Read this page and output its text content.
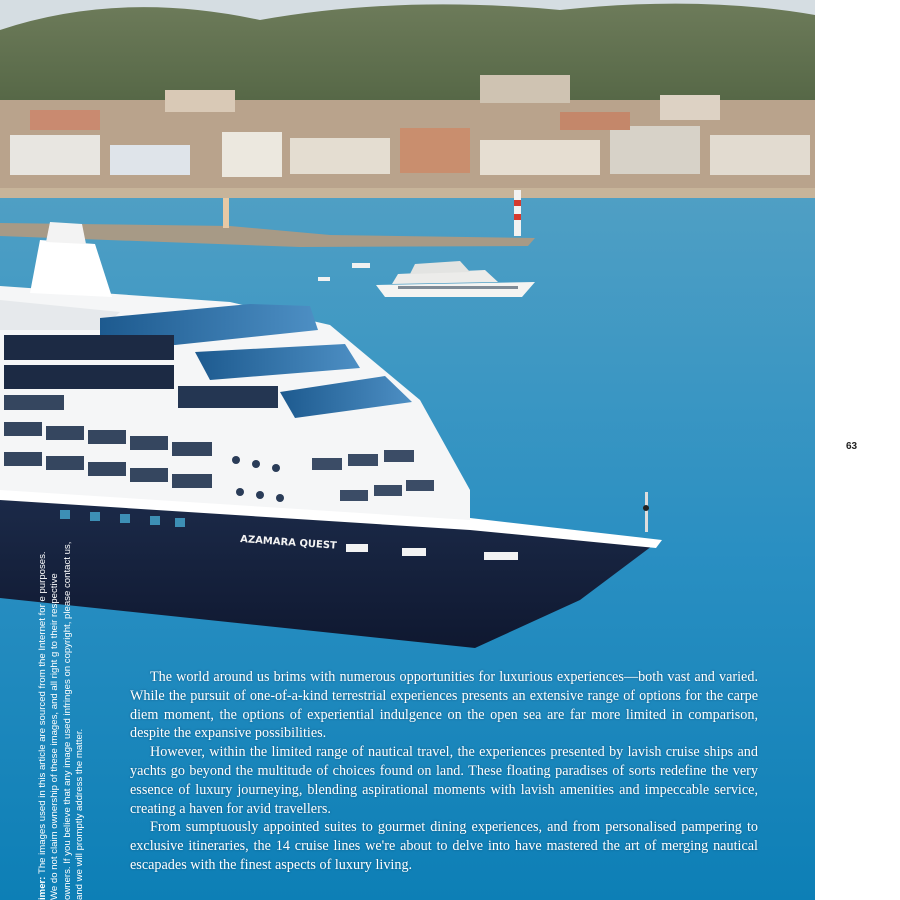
AZAMARA QUEST
63
imer: The images used in this article are sourced from the Internet for e purposes. We do not claim ownership of these images, and all right g to their respective owners. If you believe that any image used infringes on copyright, please contact us, and we will promptly address the matter.

The world around us brims with numerous opportunities for luxurious experiences—both vast and varied. While the pursuit of one-of-a-kind terrestrial experiences presents an extensive range of options for the carpe diem moment, the options of experiential indulgence on the open sea are far more limited in comparison, despite the expansive possibilities.

However, within the limited range of nautical travel, the experiences presented by lavish cruise ships and yachts go beyond the multitude of choices found on land. These floating paradises of sorts redefine the very essence of luxury journeying, blending aspirational moments with lavish amenities and impeccable service, creating a haven for avid travellers.

From sumptuously appointed suites to gourmet dining experiences, and from personalised pampering to exclusive itineraries, the 14 cruise lines we're about to delve into have mastered the art of merging nautical escapades with the finest aspects of luxury living.
